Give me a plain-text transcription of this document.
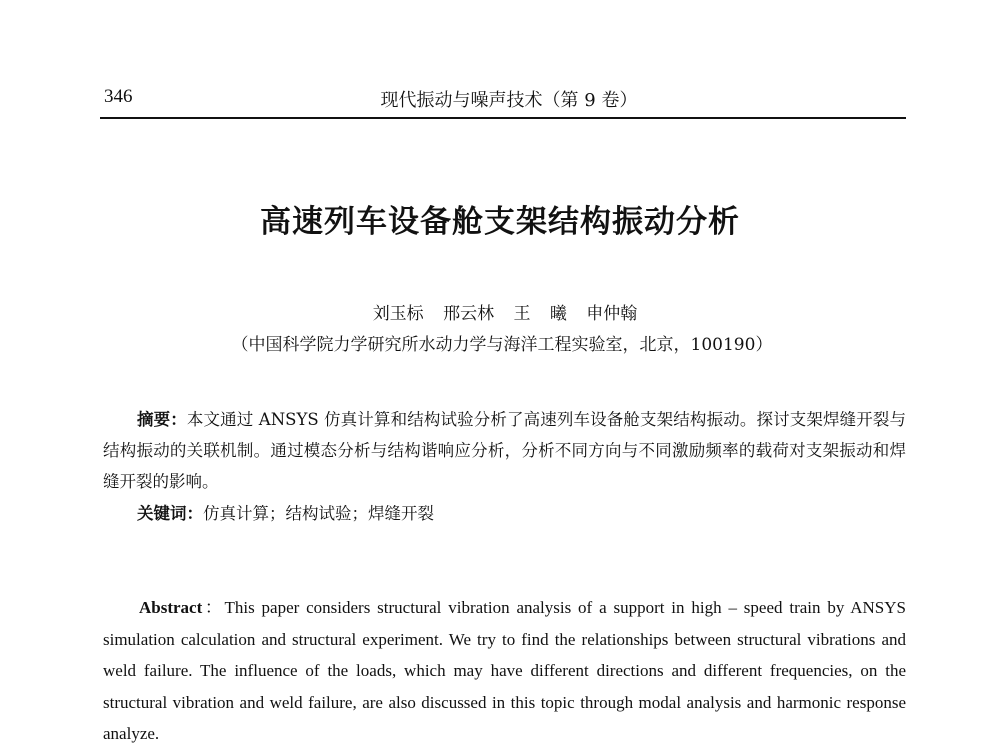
346	现代振动与噪声技术（第 9 卷）
高速列车设备舱支架结构振动分析
刘玉标 邢云林 王 曦 申仲翰
（中国科学院力学研究所水动力学与海洋工程实验室，北京，100190）

摘要：本文通过 ANSYS 仿真计算和结构试验分析了高速列车设备舱支架结构振动。探讨支架焊缝开裂与结构振动的关联机制。通过模态分析与结构谐响应分析，分析不同方向与不同激励频率的载荷对支架振动和焊缝开裂的影响。

关键词：仿真计算；结构试验；焊缝开裂

Abstract：This paper considers structural vibration analysis of a support in high – speed train by ANSYS simulation calculation and structural experiment. We try to find the relationships between structural vibrations and weld failure. The influence of the loads, which may have different directions and different frequencies, on the structural vibration and weld failure, are also discussed in this topic through modal analysis and harmonic response analyze.
